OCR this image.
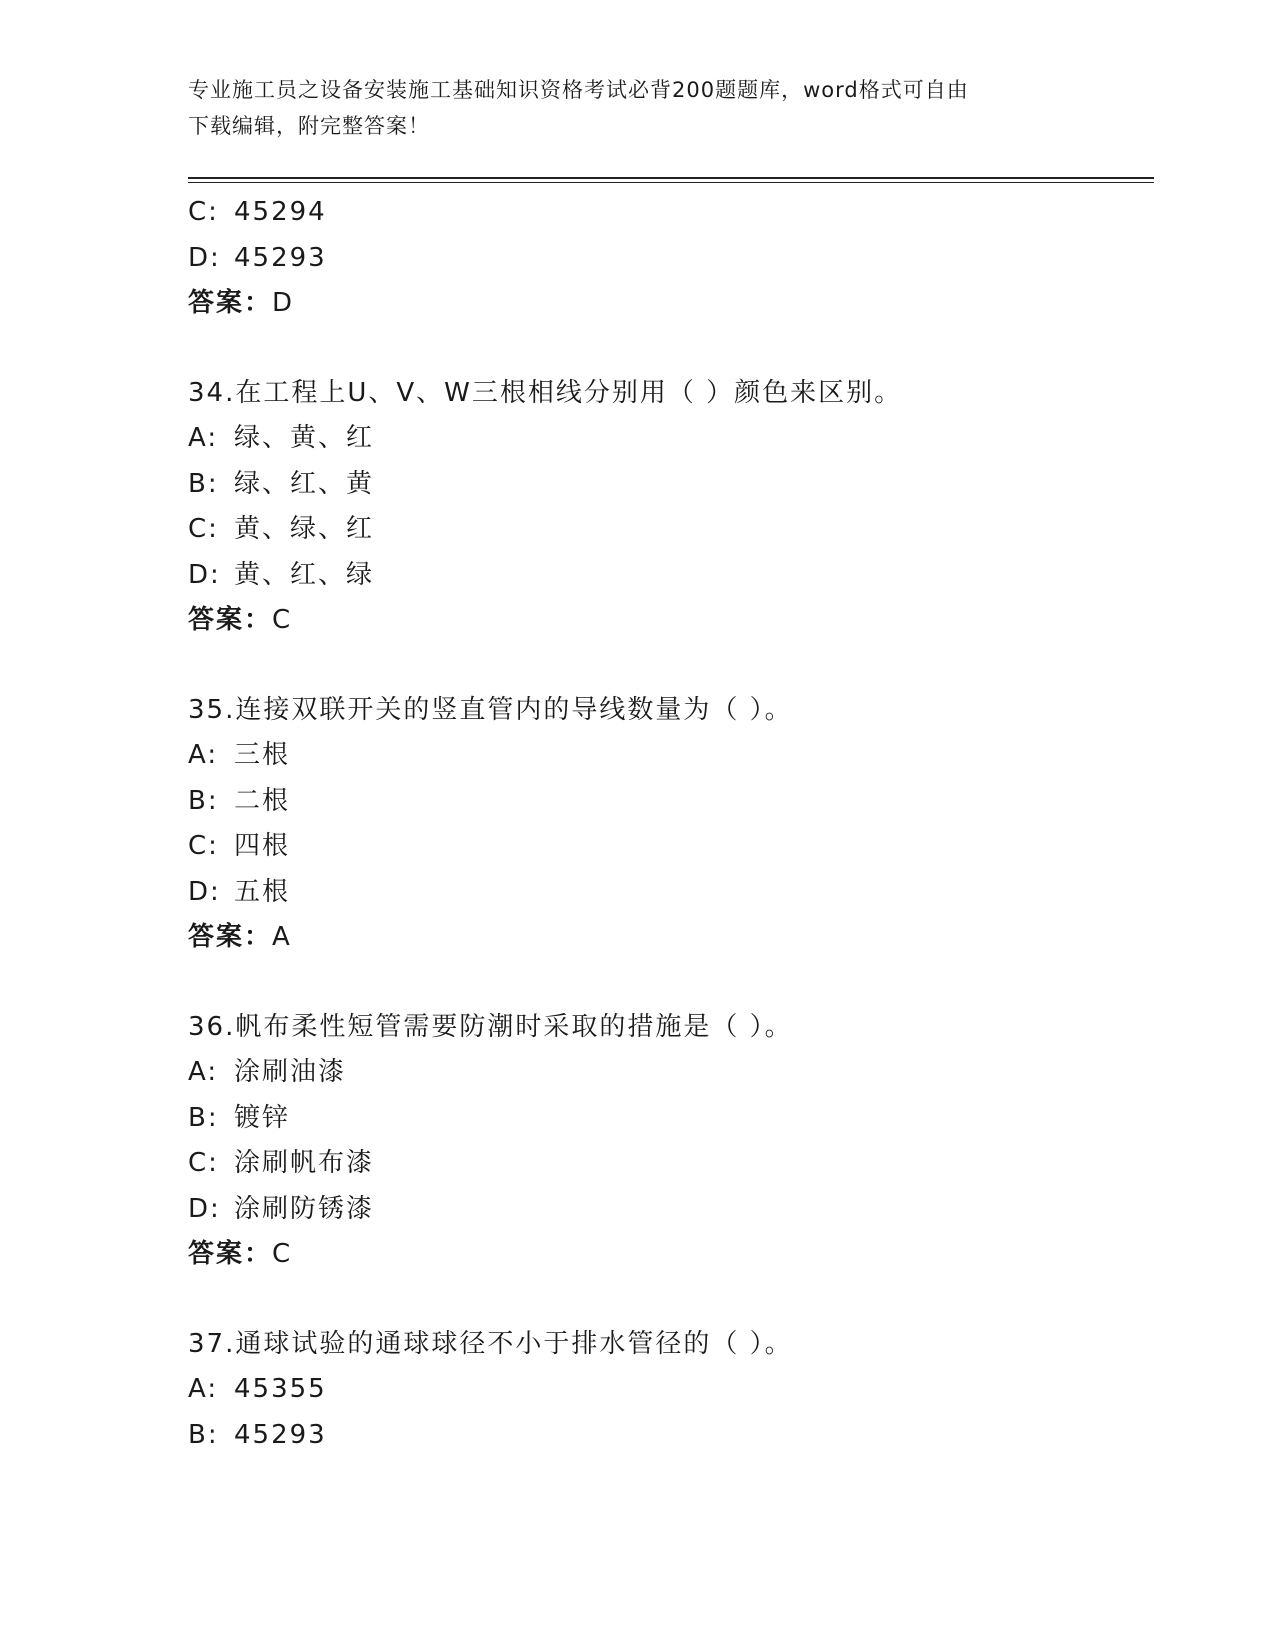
专业施工员之设备安装施工基础知识资格考试必背200题题库，word格式可自由
下载编辑，附完整答案！
C: 45294
D: 45293
答案：D
34.在工程上U、V、W三根相线分别用（ ）颜色来区别。
A: 绿、黄、红
B: 绿、红、黄
C: 黄、绿、红
D: 黄、红、绿
答案：C
35.连接双联开关的竖直管内的导线数量为（ ）。
A: 三根
B: 二根
C: 四根
D: 五根
答案：A
36.帆布柔性短管需要防潮时采取的措施是（ ）。
A: 涂刷油漆
B: 镀锌
C: 涂刷帆布漆
D: 涂刷防锈漆
答案：C
37.通球试验的通球球径不小于排水管径的（ ）。
A: 45355
B: 45293
